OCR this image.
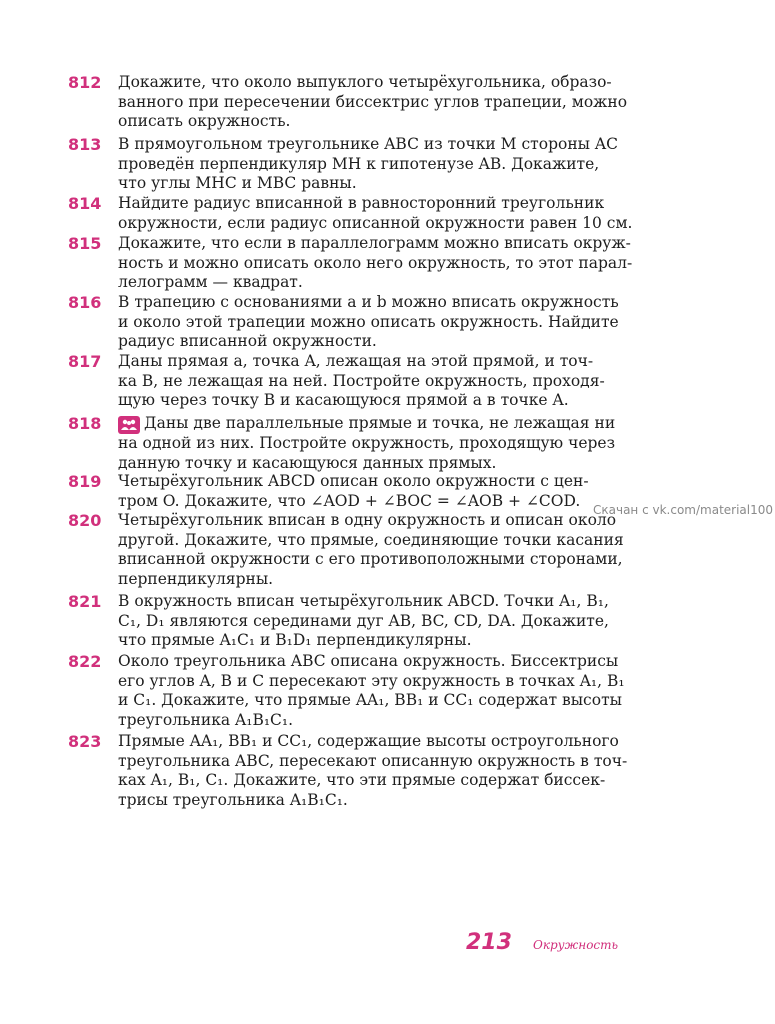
812	Докажите, что около выпуклого четырёхугольника, образо-
ванного при пересечении биссектрис углов трапеции, можно
описать окружность.
813	В прямоугольном треугольнике ABC из точки M стороны AC
проведён перпендикуляр MH к гипотенузе AB. Докажите,
что углы MHC и MBC равны.
814	Найдите радиус вписанной в равносторонний треугольник
окружности, если радиус описанной окружности равен 10 см.
815	Докажите, что если в параллелограмм можно вписать окруж-
ность и можно описать около него окружность, то этот парал-
лелограмм — квадрат.
816	В трапецию с основаниями a и b можно вписать окружность
и около этой трапеции можно описать окружность. Найдите
радиус вписанной окружности.
817	Даны прямая a, точка A, лежащая на этой прямой, и точ-
ка B, не лежащая на ней. Постройте окружность, проходя-
щую через точку B и касающуюся прямой a в точке A.
818	Даны две параллельные прямые и точка, не лежащая ни
на одной из них. Постройте окружность, проходящую через
данную точку и касающуюся данных прямых.
819	Четырёхугольник ABCD описан около окружности с цен-
тром O. Докажите, что ∠AOD + ∠BOC = ∠AOB + ∠COD.
820	Четырёхугольник вписан в одну окружность и описан около
другой. Докажите, что прямые, соединяющие точки касания
вписанной окружности с его противоположными сторонами,
перпендикулярны.
821	В окружность вписан четырёхугольник ABCD. Точки A₁, B₁,
C₁, D₁ являются серединами дуг AB, BC, CD, DA. Докажите,
что прямые A₁C₁ и B₁D₁ перпендикулярны.
822	Около треугольника ABC описана окружность. Биссектрисы
его углов A, B и C пересекают эту окружность в точках A₁, B₁
и C₁. Докажите, что прямые AA₁, BB₁ и CC₁ содержат высоты
треугольника A₁B₁C₁.
823	Прямые AA₁, BB₁ и CC₁, содержащие высоты остроугольного
треугольника ABC, пересекают описанную окружность в точ-
ках A₁, B₁, C₁. Докажите, что эти прямые содержат биссек-
трисы треугольника A₁B₁C₁.
Скачан с vk.com/material100
213 Окружность
